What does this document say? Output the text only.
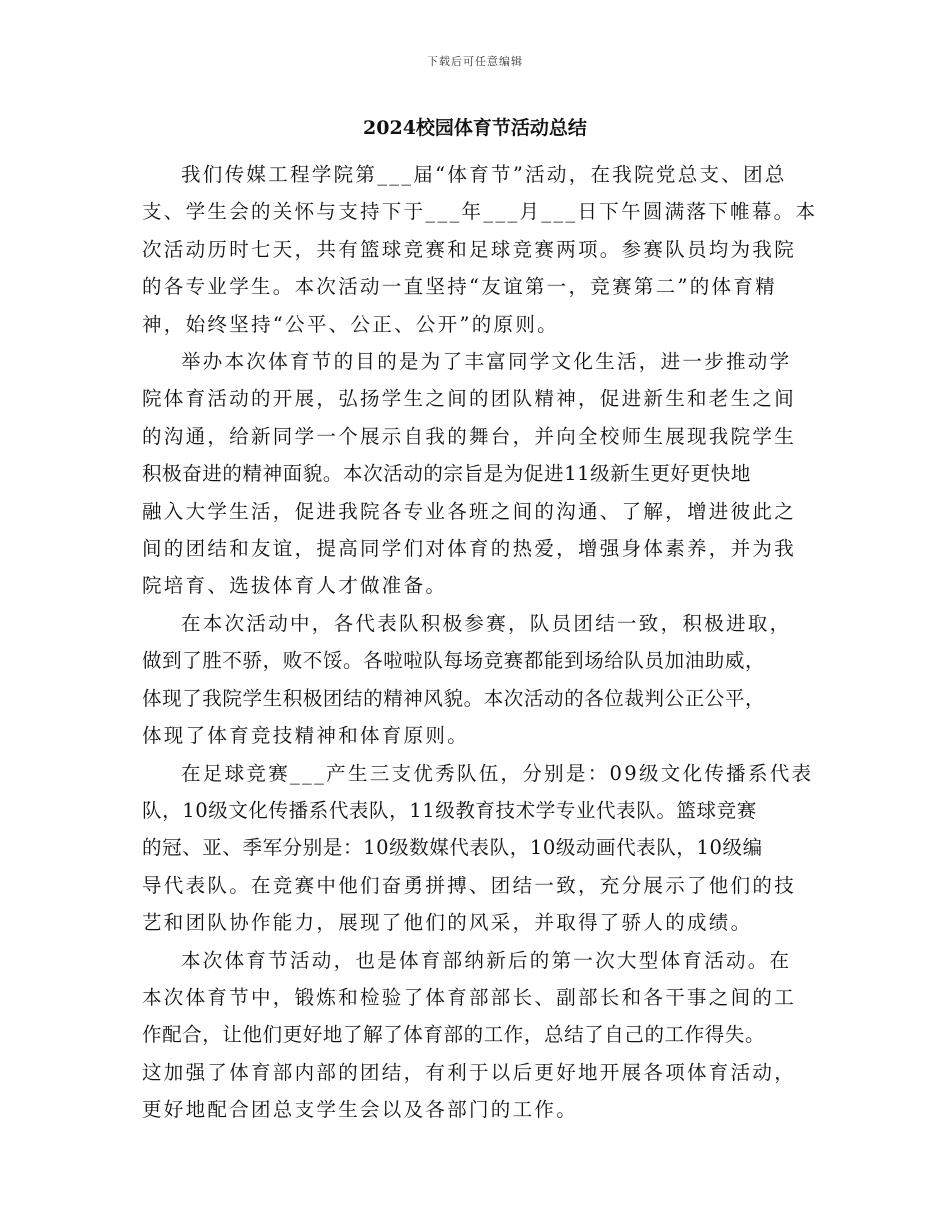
下载后可任意编辑
2024校园体育节活动总结

我们传媒工程学院第___届“体育节”活动，在我院党总支、团总
支、学生会的关怀与支持下于___年___月___日下午圆满落下帷幕。本
次活动历时七天，共有篮球竞赛和足球竞赛两项。参赛队员均为我院
的各专业学生。本次活动一直坚持“友谊第一，竞赛第二”的体育精
神，始终坚持“公平、公正、公开”的原则。

举办本次体育节的目的是为了丰富同学文化生活，进一步推动学
院体育活动的开展，弘扬学生之间的团队精神，促进新生和老生之间
的沟通，给新同学一个展示自我的舞台，并向全校师生展现我院学生
积极奋进的精神面貌。本次活动的宗旨是为促进11级新生更好更快地
融入大学生活，促进我院各专业各班之间的沟通、了解，增进彼此之
间的团结和友谊，提高同学们对体育的热爱，增强身体素养，并为我
院培育、选拔体育人才做准备。

在本次活动中，各代表队积极参赛，队员团结一致，积极进取，
做到了胜不骄，败不馁。各啦啦队每场竞赛都能到场给队员加油助威，
体现了我院学生积极团结的精神风貌。本次活动的各位裁判公正公平，
体现了体育竞技精神和体育原则。

在足球竞赛___产生三支优秀队伍，分别是：09级文化传播系代表
队，10级文化传播系代表队，11级教育技术学专业代表队。篮球竞赛
的冠、亚、季军分别是：10级数媒代表队，10级动画代表队，10级编
导代表队。在竞赛中他们奋勇拼搏、团结一致，充分展示了他们的技
艺和团队协作能力，展现了他们的风采，并取得了骄人的成绩。

本次体育节活动，也是体育部纳新后的第一次大型体育活动。在
本次体育节中，锻炼和检验了体育部部长、副部长和各干事之间的工
作配合，让他们更好地了解了体育部的工作，总结了自己的工作得失。
这加强了体育部内部的团结，有利于以后更好地开展各项体育活动，
更好地配合团总支学生会以及各部门的工作。
